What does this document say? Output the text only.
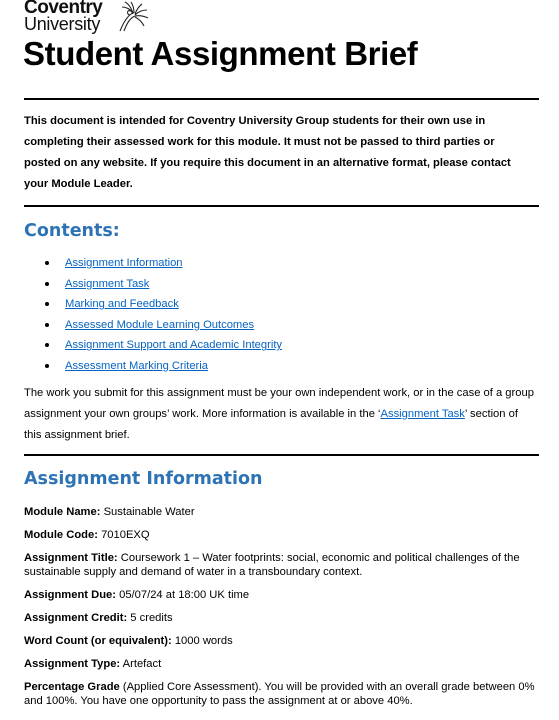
Coventry
University
Student Assignment Brief

This document is intended for Coventry University Group students for their own use in completing their assessed work for this module. It must not be passed to third parties or posted on any website. If you require this document in an alternative format, please contact your Module Leader.

Contents:
Assignment Information
Assignment Task
Marking and Feedback
Assessed Module Learning Outcomes
Assignment Support and Academic Integrity
Assessment Marking Criteria

The work you submit for this assignment must be your own independent work, or in the case of a group assignment your own groups’ work. More information is available in the ‘Assignment Task’ section of this assignment brief.

Assignment Information

Module Name: Sustainable Water

Module Code: 7010EXQ

Assignment Title: Coursework 1 – Water footprints: social, economic and political challenges of the sustainable supply and demand of water in a transboundary context.

Assignment Due: 05/07/24 at 18:00 UK time

Assignment Credit: 5 credits

Word Count (or equivalent): 1000 words

Assignment Type: Artefact

Percentage Grade (Applied Core Assessment). You will be provided with an overall grade between 0% and 100%. You have one opportunity to pass the assignment at or above 40%.
